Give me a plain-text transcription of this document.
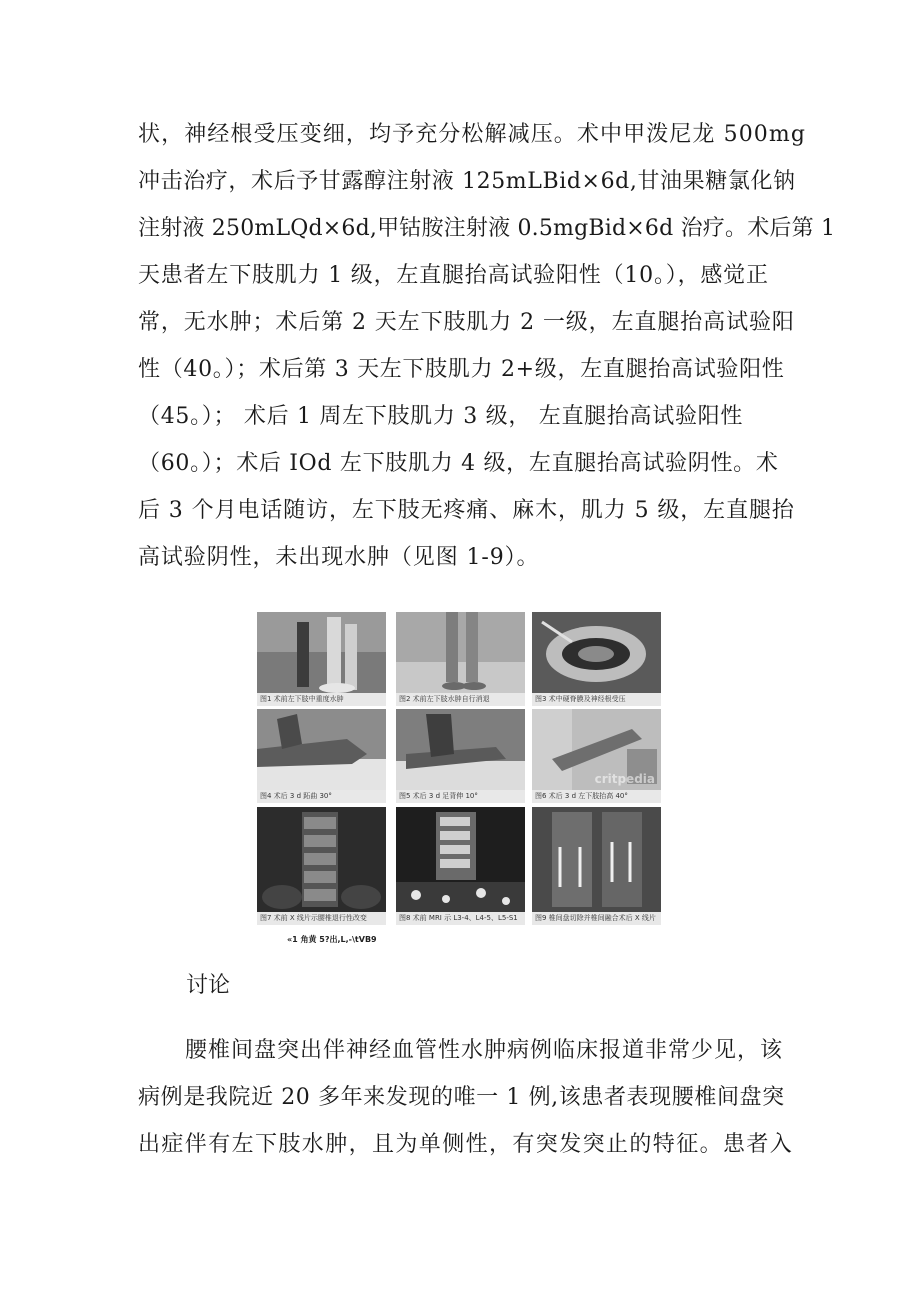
状，神经根受压变细，均予充分松解减压。术中甲泼尼龙 500mg
冲击治疗，术后予甘露醇注射液 125mLBid×6d,甘油果糖氯化钠
注射液 250mLQd×6d,甲钴胺注射液 0.5mgBid×6d 治疗。术后第 1
天患者左下肢肌力 1 级，左直腿抬高试验阳性（10。），感觉正
常，无水肿；术后第 2 天左下肢肌力 2 一级，左直腿抬高试验阳
性（40。）；术后第 3 天左下肢肌力 2+级，左直腿抬高试验阳性
（45。）； 术后 1 周左下肢肌力 3 级， 左直腿抬高试验阳性
（60。）；术后 IOd 左下肢肌力 4 级，左直腿抬高试验阴性。术
后 3 个月电话随访，左下肢无疼痛、麻木，肌力 5 级，左直腿抬
高试验阴性，未出现水肿（见图 1-9）。
图1 术前左下肢中重度水肿	图2 术前左下肢水肿自行消退	图3 术中硬脊膜及神经根受压
图4 术后 3 d 跖曲 30°	图5 术后 3 d 足背伸 10°
critpedia
图6 术后 3 d 左下肢抬高 40°
图7 术前 X 线片示腰椎退行性改变	图8 术前 MRI 示 L3-4、L4-5、L5-S1	图9 椎间盘切除并椎间融合术后 X 线片
«1 角黄 5?出,L,-\tVB9
讨论
腰椎间盘突出伴神经血管性水肿病例临床报道非常少见，该
病例是我院近 20 多年来发现的唯一 1 例,该患者表现腰椎间盘突
出症伴有左下肢水肿，且为单侧性，有突发突止的特征。患者入
